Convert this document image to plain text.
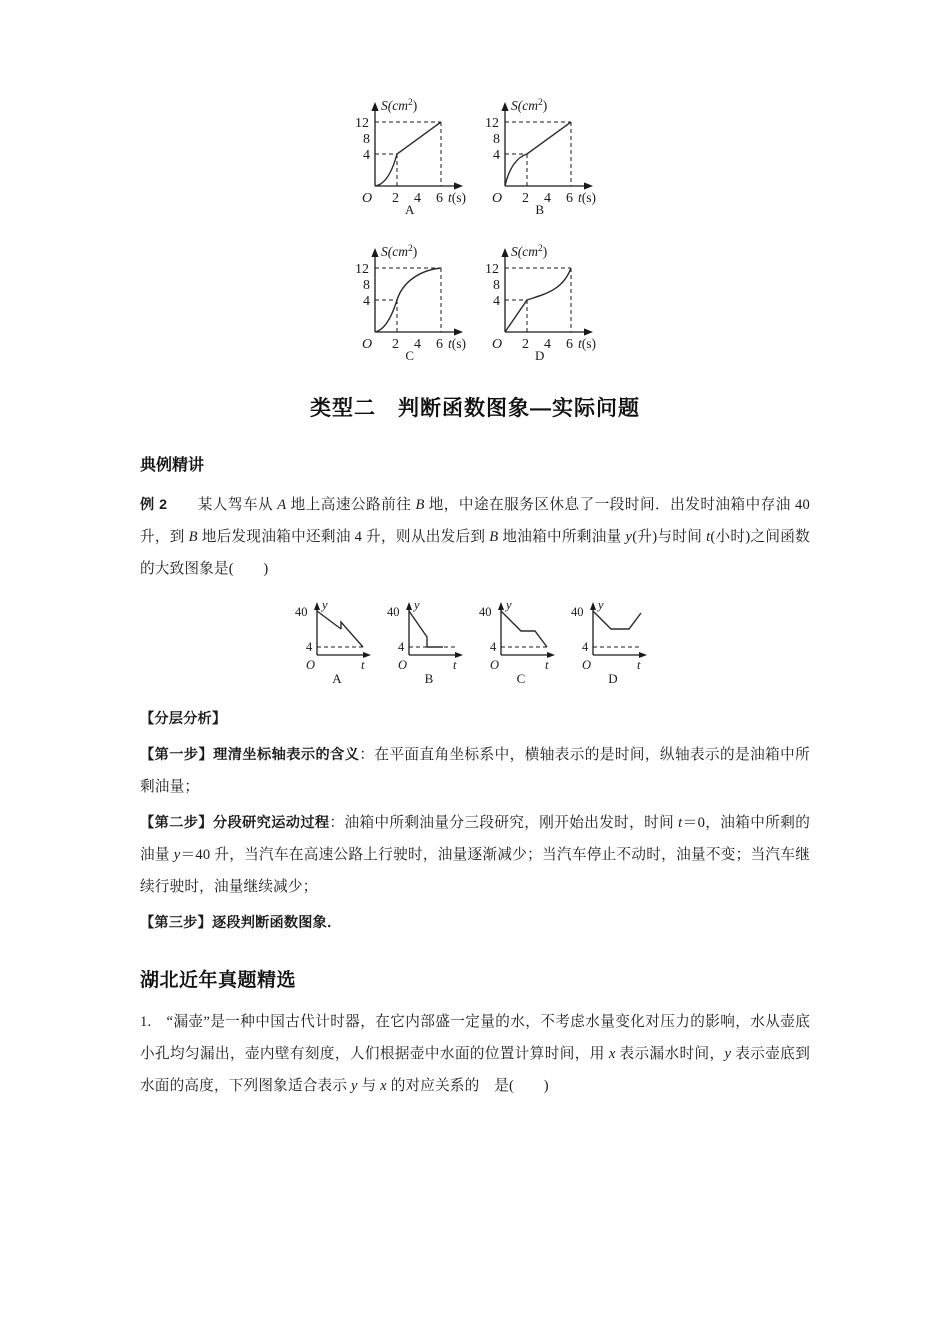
12
8
4
O 2 4 6
$S(cm^2)$
t(s)
A
12
8
4
O 2 4 6
$S(cm^2)$
t(s)
B
12
8
4
O 2 4 6
$S(cm^2)$
t(s)
C
12
8
4
O 2 4 6
$S(cm^2)$
t(s)
D
类型二　判断函数图象—实际问题
典例精讲

例 2　　 某人驾车从 A 地上高速公路前往 B 地，中途在服务区休息了一段时间．出发时油箱中存油 40 升，到 B 地后发现油箱中还剩油 4 升，则从出发后到 B 地油箱中所剩油量 y(升)与时间 t(小时)之间函数的大致图象是(　　)

40
4
O
y
t
A
40
4
O
y
t
B
40
4
O
y
t
C
40
4
O
y
t
D

【分层分析】

【第一步】理清坐标轴表示的含义：在平面直角坐标系中，横轴表示的是时间，纵轴表示的是油箱中所剩油量；

【第二步】分段研究运动过程：油箱中所剩油量分三段研究，刚开始出发时，时间 t＝0，油箱中所剩的油量 y＝40 升，当汽车在高速公路上行驶时，油量逐渐减少；当汽车停止不动时，油量不变；当汽车继续行驶时，油量继续减少；

【第三步】逐段判断函数图象．

湖北近年真题精选

1.　“漏壶”是一种中国古代计时器，在它内部盛一定量的水，不考虑水量变化对压力的影响，水从壶底小孔均匀漏出，壶内壁有刻度，人们根据壶中水面的位置计算时间，用 x 表示漏水时间，y 表示壶底到水面的高度，下列图象适合表示 y 与 x 的对应关系的　是(　　)
